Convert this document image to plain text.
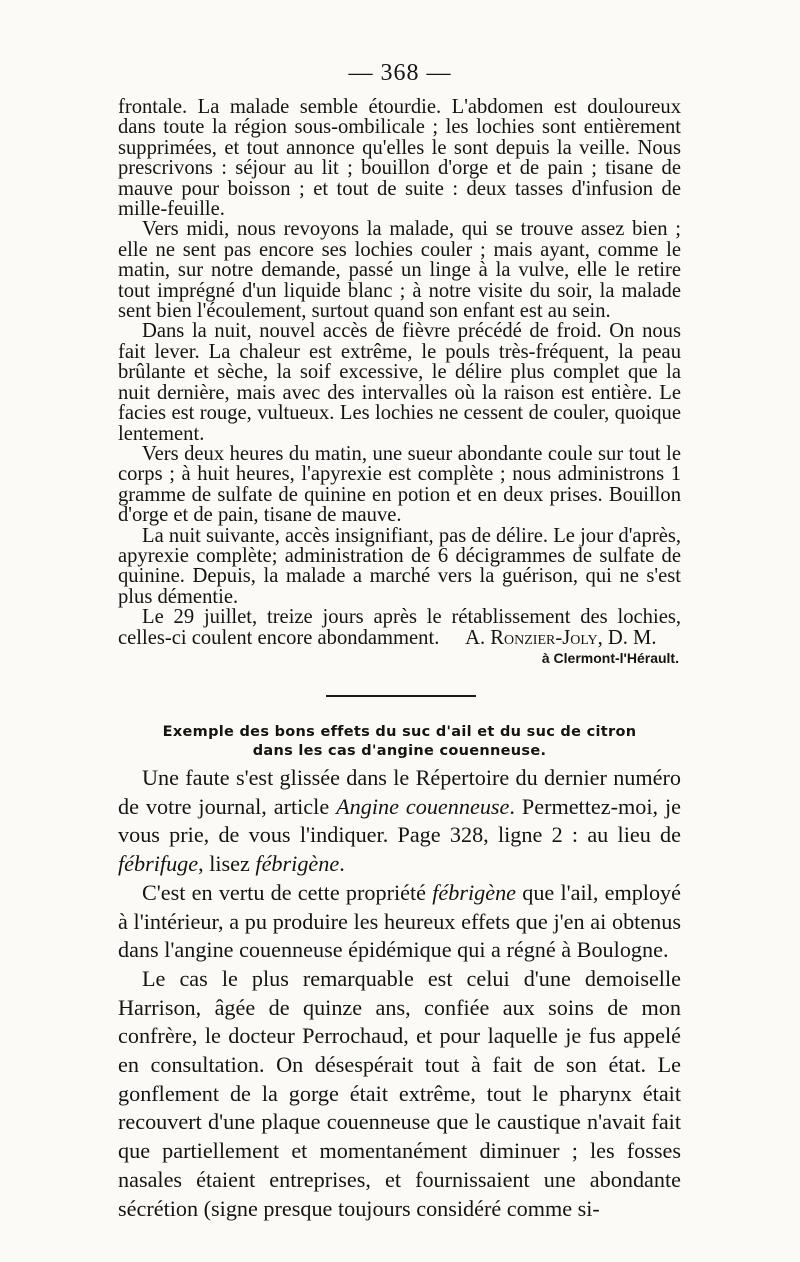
— 368 —

frontale. La malade semble étourdie. L'abdomen est douloureux dans toute la région sous-ombilicale ; les lochies sont entièrement supprimées, et tout annonce qu'elles le sont depuis la veille. Nous prescrivons : séjour au lit ; bouillon d'orge et de pain ; tisane de mauve pour boisson ; et tout de suite : deux tasses d'infusion de mille-feuille.

Vers midi, nous revoyons la malade, qui se trouve assez bien ; elle ne sent pas encore ses lochies couler ; mais ayant, comme le matin, sur notre demande, passé un linge à la vulve, elle le retire tout imprégné d'un liquide blanc ; à notre visite du soir, la malade sent bien l'écoulement, surtout quand son enfant est au sein.

Dans la nuit, nouvel accès de fièvre précédé de froid. On nous fait lever. La chaleur est extrême, le pouls très-fréquent, la peau brûlante et sèche, la soif excessive, le délire plus complet que la nuit dernière, mais avec des intervalles où la raison est entière. Le facies est rouge, vultueux. Les lochies ne cessent de couler, quoique lentement.

Vers deux heures du matin, une sueur abondante coule sur tout le corps ; à huit heures, l'apyrexie est complète ; nous administrons 1 gramme de sulfate de quinine en potion et en deux prises. Bouillon d'orge et de pain, tisane de mauve.

La nuit suivante, accès insignifiant, pas de délire. Le jour d'après, apyrexie complète; administration de 6 décigrammes de sulfate de quinine. Depuis, la malade a marché vers la guérison, qui ne s'est plus démentie.

Le 29 juillet, treize jours après le rétablissement des lochies, celles-ci coulent encore abondamment. A. Ronzier-Joly, D. M.

à Clermont-l'Hérault.

Exemple des bons effets du suc d'ail et du suc de citron
dans les cas d'angine couenneuse.

Une faute s'est glissée dans le Répertoire du dernier numéro de votre journal, article Angine couenneuse. Permettez-moi, je vous prie, de vous l'indiquer. Page 328, ligne 2 : au lieu de fébrifuge, lisez fébrigène.

C'est en vertu de cette propriété fébrigène que l'ail, employé à l'intérieur, a pu produire les heureux effets que j'en ai obtenus dans l'angine couenneuse épidémique qui a régné à Boulogne.

Le cas le plus remarquable est celui d'une demoiselle Harrison, âgée de quinze ans, confiée aux soins de mon confrère, le docteur Perrochaud, et pour laquelle je fus appelé en consultation. On désespérait tout à fait de son état. Le gonflement de la gorge était extrême, tout le pharynx était recouvert d'une plaque couenneuse que le caustique n'avait fait que partiellement et momentanément diminuer ; les fosses nasales étaient entreprises, et fournissaient une abondante sécrétion (signe presque toujours considéré comme si-
